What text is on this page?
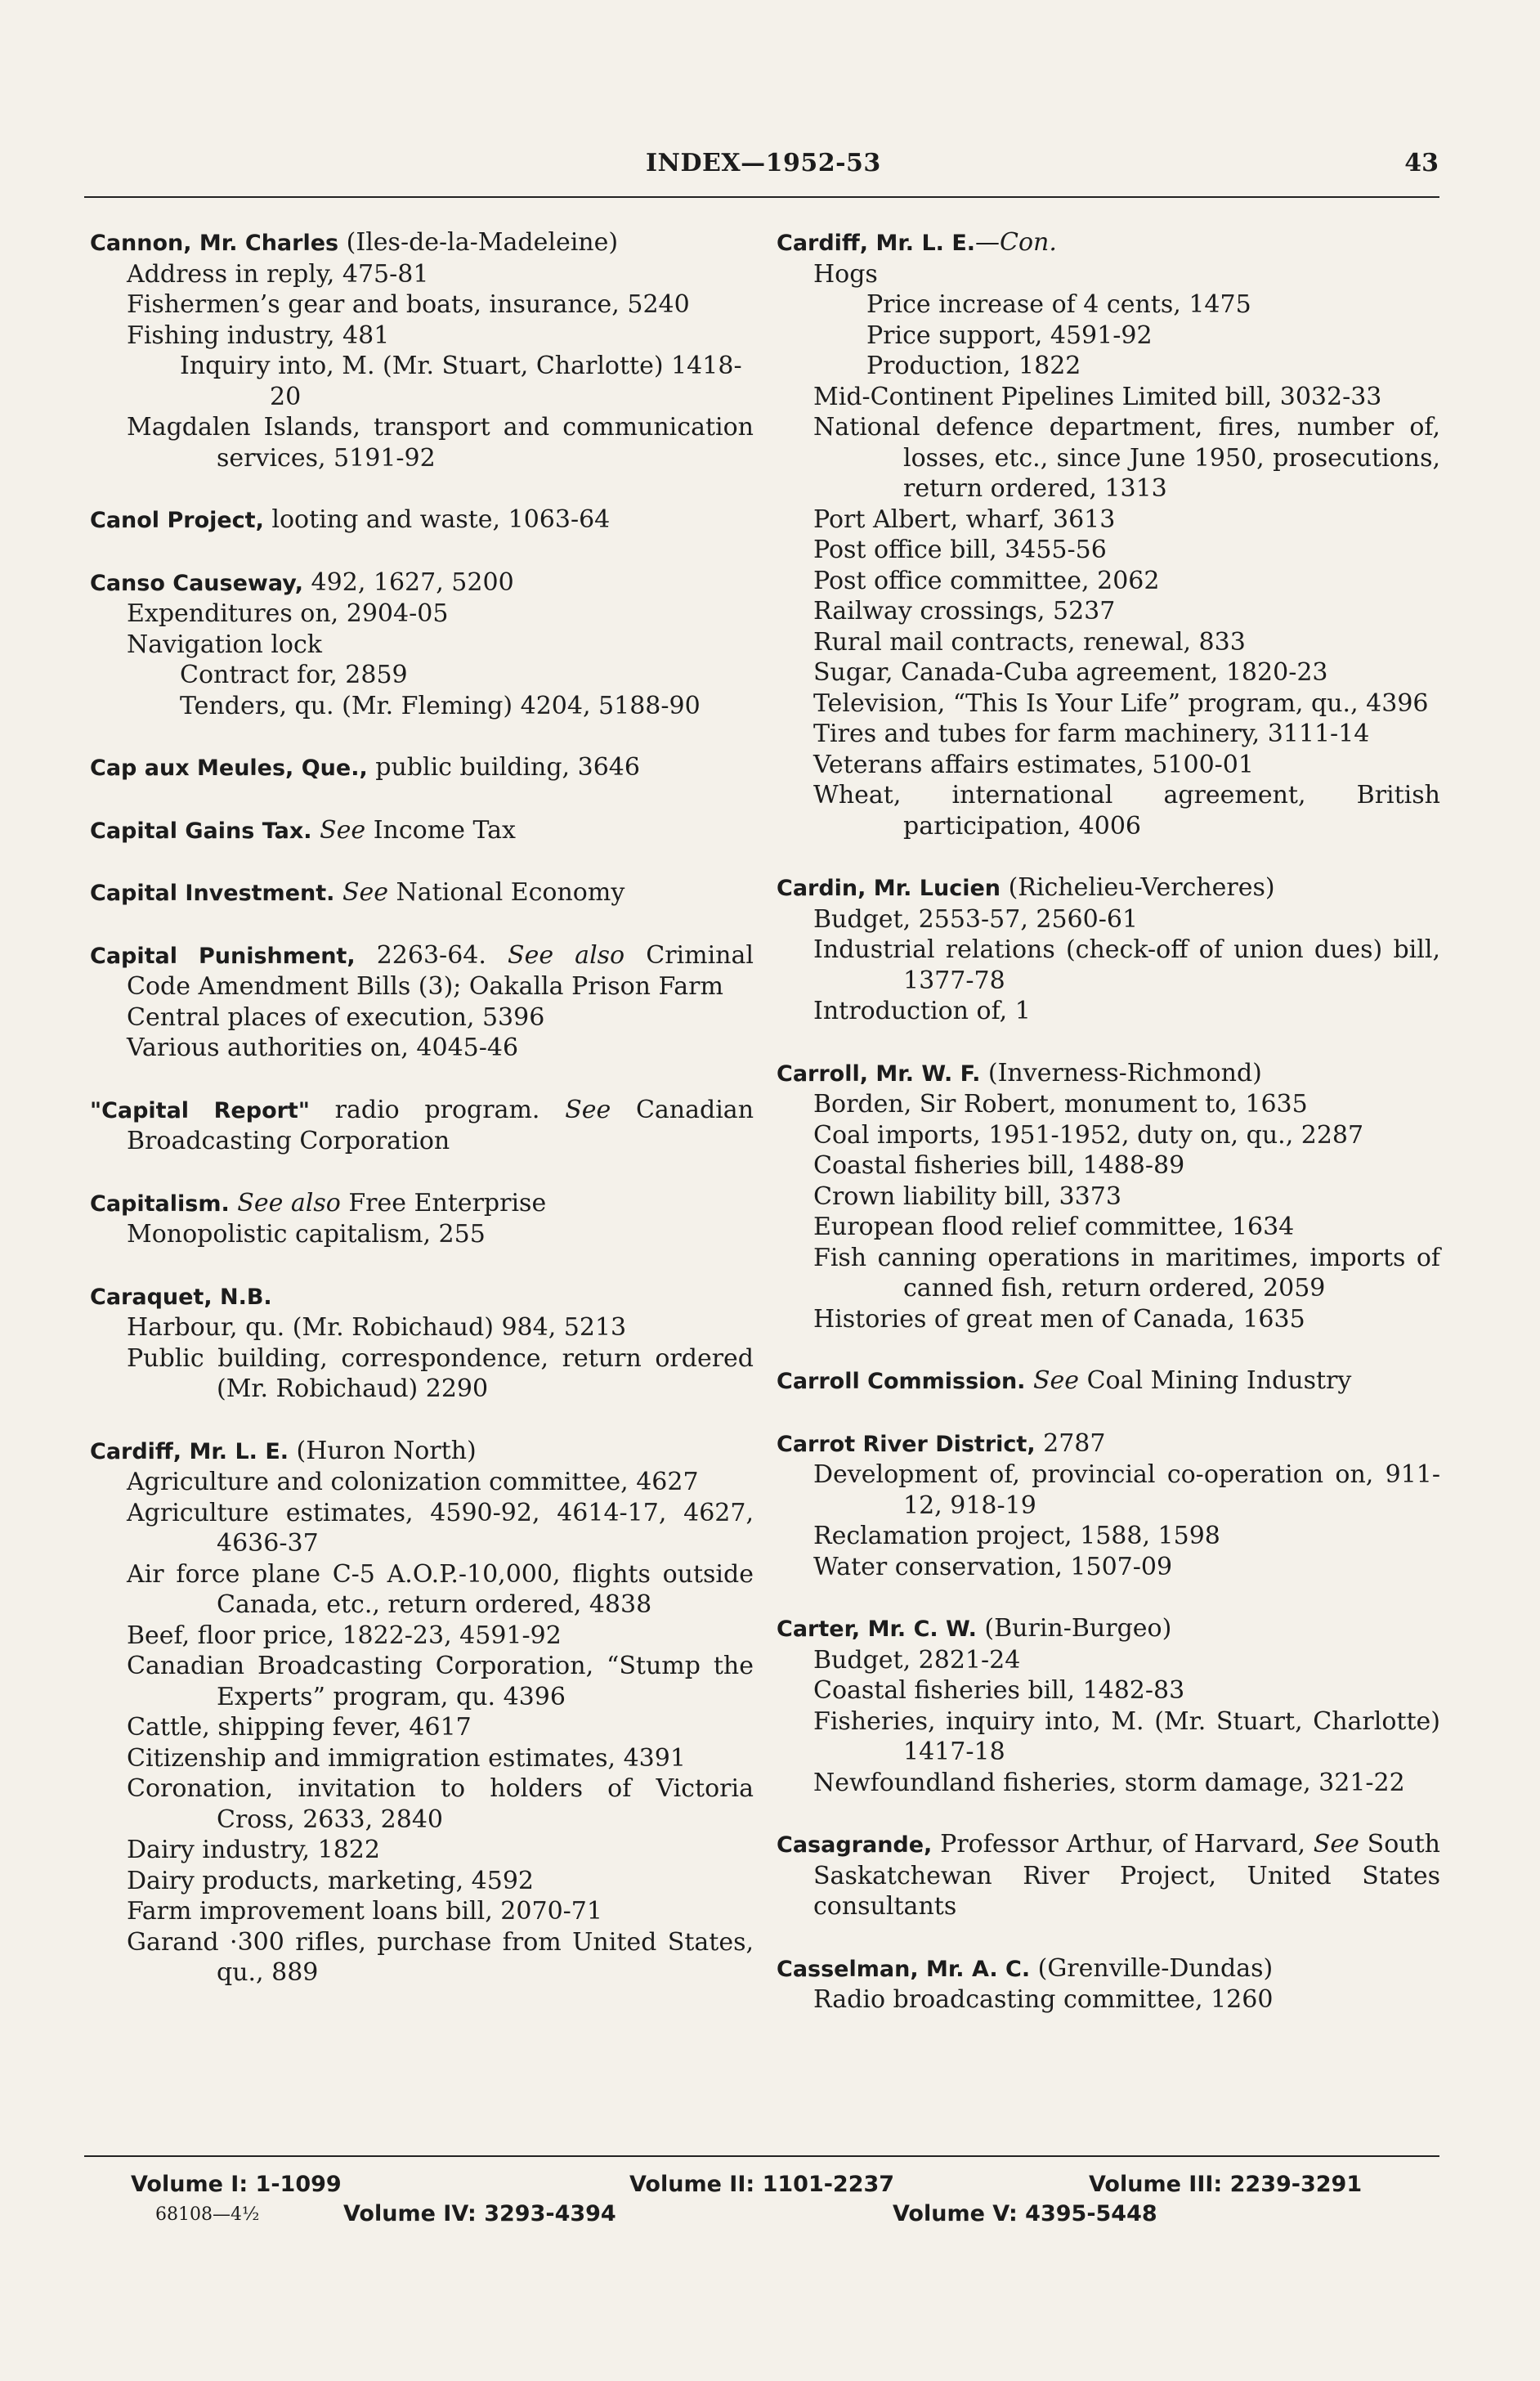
INDEX—1952-53	43
Cannon, Mr. Charles (Iles-de-la-Madeleine)
Address in reply, 475-81
Fishermen’s gear and boats, insurance, 5240
Fishing industry, 481
Inquiry into, M. (Mr. Stuart, Charlotte) 1418-20
Magdalen Islands, transport and communication services, 5191-92
Canol Project, looting and waste, 1063-64
Canso Causeway, 492, 1627, 5200
Expenditures on, 2904-05
Navigation lock
Contract for, 2859
Tenders, qu. (Mr. Fleming) 4204, 5188-90
Cap aux Meules, Que., public building, 3646
Capital Gains Tax. See Income Tax
Capital Investment. See National Economy
Capital Punishment, 2263-64. See also Criminal Code Amendment Bills (3); Oakalla Prison Farm
Central places of execution, 5396
Various authorities on, 4045-46
"Capital Report" radio program. See Canadian Broadcasting Corporation
Capitalism. See also Free Enterprise
Monopolistic capitalism, 255
Caraquet, N.B.
Harbour, qu. (Mr. Robichaud) 984, 5213
Public building, correspondence, return ordered (Mr. Robichaud) 2290
Cardiff, Mr. L. E. (Huron North)
Agriculture and colonization committee, 4627
Agriculture estimates, 4590-92, 4614-17, 4627, 4636-37
Air force plane C-5 A.O.P.-10,000, flights outside Canada, etc., return ordered, 4838
Beef, floor price, 1822-23, 4591-92
Canadian Broadcasting Corporation, “Stump the Experts” program, qu. 4396
Cattle, shipping fever, 4617
Citizenship and immigration estimates, 4391
Coronation, invitation to holders of Victoria Cross, 2633, 2840
Dairy industry, 1822
Dairy products, marketing, 4592
Farm improvement loans bill, 2070-71
Garand ·300 rifles, purchase from United States, qu., 889
Cardiff, Mr. L. E.—Con.
Hogs
Price increase of 4 cents, 1475
Price support, 4591-92
Production, 1822
Mid-Continent Pipelines Limited bill, 3032-33
National defence department, fires, number of, losses, etc., since June 1950, prosecutions, return ordered, 1313
Port Albert, wharf, 3613
Post office bill, 3455-56
Post office committee, 2062
Railway crossings, 5237
Rural mail contracts, renewal, 833
Sugar, Canada-Cuba agreement, 1820-23
Television, “This Is Your Life” program, qu., 4396
Tires and tubes for farm machinery, 3111-14
Veterans affairs estimates, 5100-01
Wheat, international agreement, British participation, 4006
Cardin, Mr. Lucien (Richelieu-Vercheres)
Budget, 2553-57, 2560-61
Industrial relations (check-off of union dues) bill, 1377-78
Introduction of, 1
Carroll, Mr. W. F. (Inverness-Richmond)
Borden, Sir Robert, monument to, 1635
Coal imports, 1951-1952, duty on, qu., 2287
Coastal fisheries bill, 1488-89
Crown liability bill, 3373
European flood relief committee, 1634
Fish canning operations in maritimes, imports of canned fish, return ordered, 2059
Histories of great men of Canada, 1635
Carroll Commission. See Coal Mining Industry
Carrot River District, 2787
Development of, provincial co-operation on, 911-12, 918-19
Reclamation project, 1588, 1598
Water conservation, 1507-09
Carter, Mr. C. W. (Burin-Burgeo)
Budget, 2821-24
Coastal fisheries bill, 1482-83
Fisheries, inquiry into, M. (Mr. Stuart, Charlotte) 1417-18
Newfoundland fisheries, storm damage, 321-22
Casagrande, Professor Arthur, of Harvard, See South Saskatchewan River Project, United States consultants
Casselman, Mr. A. C. (Grenville-Dundas)
Radio broadcasting committee, 1260
Volume I: 1-1099	Volume II: 1101-2237	Volume III: 2239-3291
68108—4½	Volume IV: 3293-4394	Volume V: 4395-5448
